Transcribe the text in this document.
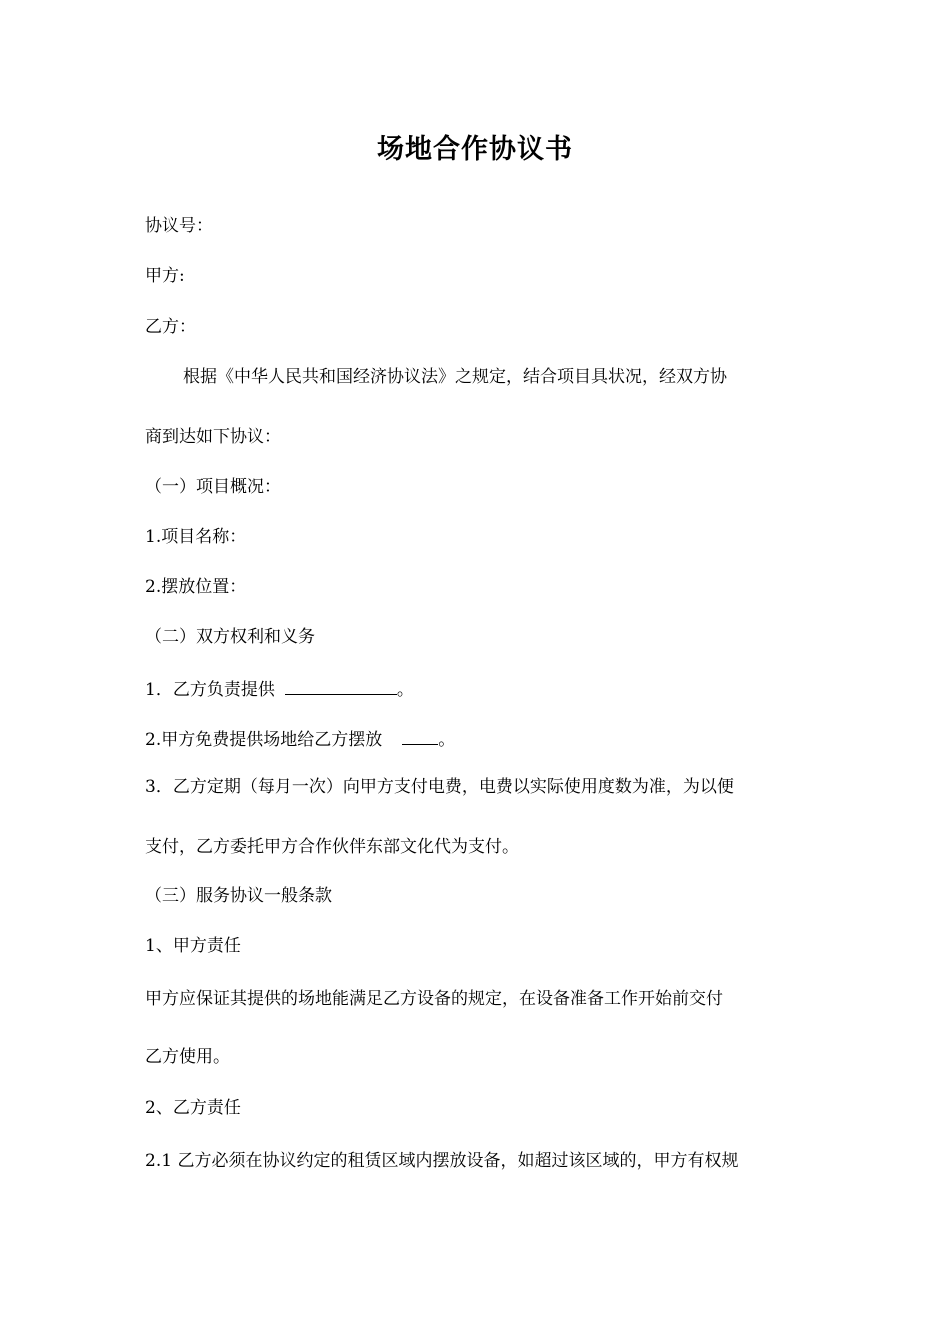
场地合作协议书
协议号：
甲方:
乙方：
根据《中华人民共和国经济协议法》之规定，结合项目具状况，经双方协
商到达如下协议：
（一）项目概况：
1.项目名称：
2.摆放位置：
（二）双方权利和义务
1．乙方负责提供	。
2.甲方免费提供场地给乙方摆放	。
3．乙方定期（每月一次）向甲方支付电费，电费以实际使用度数为准，为以便
支付，乙方委托甲方合作伙伴东部文化代为支付。
（三）服务协议一般条款
1、甲方责任
甲方应保证其提供的场地能满足乙方设备的规定，在设备准备工作开始前交付
乙方使用。
2、乙方责任
2.1 乙方必须在协议约定的租赁区域内摆放设备，如超过该区域的，甲方有权规
